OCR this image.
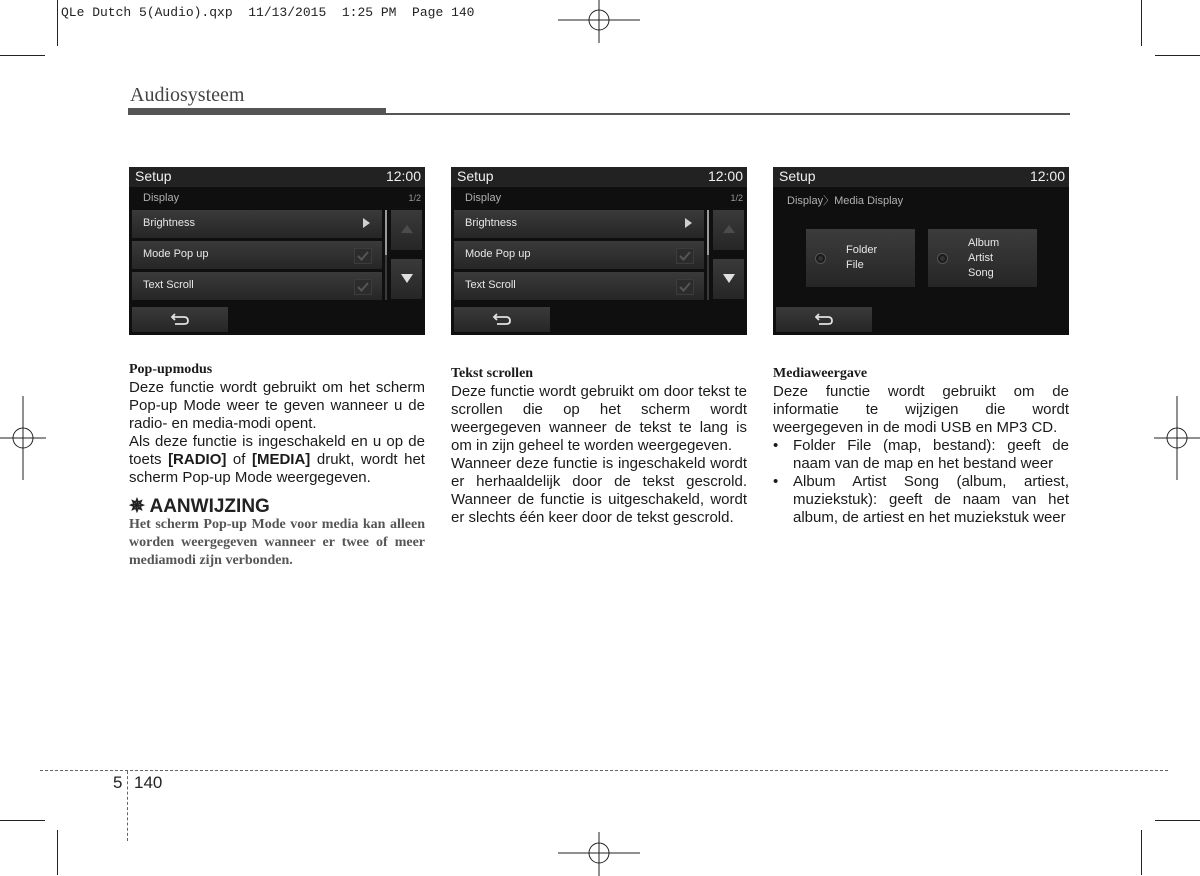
QLe Dutch 5(Audio).qxp  11/13/2015  1:25 PM  Page 140
Audiosysteem
Setup	12:00
Display	1/2
Brightness
Mode Pop up
Text Scroll
Setup	12:00
Display	1/2
Brightness
Mode Pop up
Text Scroll
Setup	12:00
Display〉Media Display
Folder
File
Album
Artist
Song
Pop-upmodus

Deze functie wordt gebruikt om het scherm Pop-up Mode weer te geven wanneer u de radio- en media-modi opent.

Als deze functie is ingeschakeld en u op de toets [RADIO] of [MEDIA] drukt, wordt het scherm Pop-up Mode weergegeven.

✵ AANWIJZING
Het scherm Pop-up Mode voor media kan alleen worden weergegeven wanneer er twee of meer mediamodi zijn verbonden.
Tekst scrollen

Deze functie wordt gebruikt om door tekst te scrollen die op het scherm wordt weergegeven wanneer de tekst te lang is om in zijn geheel te worden weergegeven.

Wanneer deze functie is ingeschakeld wordt er herhaaldelijk door de tekst gescrold. Wanneer de functie is uitgeschakeld, wordt er slechts één keer door de tekst gescrold.

Mediaweergave

Deze functie wordt gebruikt om de informatie te wijzigen die wordt weergegeven in de modi USB en MP3 CD.

• Folder File (map, bestand): geeft de naam van de map en het bestand weer
• Album Artist Song (album, artiest, muziekstuk): geeft de naam van het album, de artiest en het muziekstuk weer
5 140
